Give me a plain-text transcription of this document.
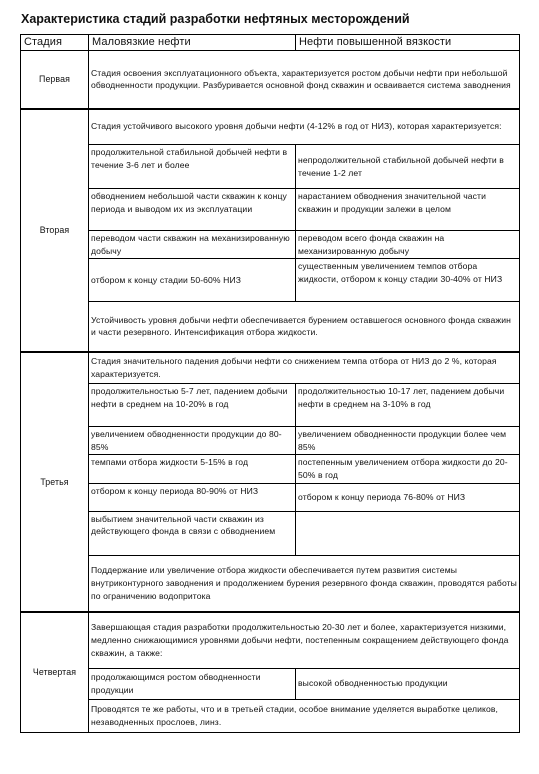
Характеристика стадий разработки нефтяных месторождений
Стадия	Маловязкие нефти	Нефти повышенной вязкости
Первая	Стадия освоения эксплуатационного объекта, характеризуется ростом добычи нефти при небольшой обводненности продукции. Разбуривается основной фонд скважин и осваивается система заводнения	
Вторая	Стадия устойчивого высокого уровня добычи нефти (4-12% в год от НИЗ), которая характеризуется:	
	продолжительной стабильной добычей нефти в течение 3-6 лет и более	непродолжительной стабильной добычей нефти в течение 1-2 лет
	обводнением небольшой части скважин к концу периода и выводом их из эксплуатации	нарастанием обводнения значительной части скважин и продукции залежи в целом
	переводом части скважин на механизированную добычу	переводом всего фонда скважин на механизированную добычу
	отбором к концу стадии 50-60% НИЗ	существенным увеличением темпов отбора жидкости, отбором к концу стадии 30-40% от НИЗ
	Устойчивость уровня добычи нефти обеспечивается бурением оставшегося основного фонда скважин и части резервного. Интенсификация отбора жидкости.	
Третья	Стадия значительного падения добычи нефти со снижением темпа отбора от НИЗ до 2 %, которая характеризуется.	
	продолжительностью 5-7 лет, падением добычи нефти в среднем на 10-20% в год	продолжительностью 10-17 лет, падением добычи нефти в среднем на 3-10% в год
	увеличением обводненности продукции до 80-85%	увеличением обводненности продукции более чем 85%
	темпами отбора жидкости 5-15% в год	постепенным увеличением отбора жидкости до 20-50% в год
	отбором к концу периода 80-90% от НИЗ	отбором к концу периода 76-80% от НИЗ
	выбытием значительной части скважин из действующего фонда в связи с обводнением	
	Поддержание или увеличение отбора жидкости обеспечивается путем развития системы внутриконтурного заводнения и продолжением бурения резервного фонда скважин, проводятся работы по ограничению водопритока	
Четвертая	Завершающая стадия разработки продолжительностью 20-30 лет и более, характеризуется низкими, медленно снижающимися уровнями добычи нефти, постепенным сокращением действующего фонда скважин, а также:	
	продолжающимся ростом обводненности продукции	высокой обводненностью продукции
	Проводятся те же работы, что и в третьей стадии, особое внимание уделяется выработке целиков, незаводненных прослоев, линз.	
